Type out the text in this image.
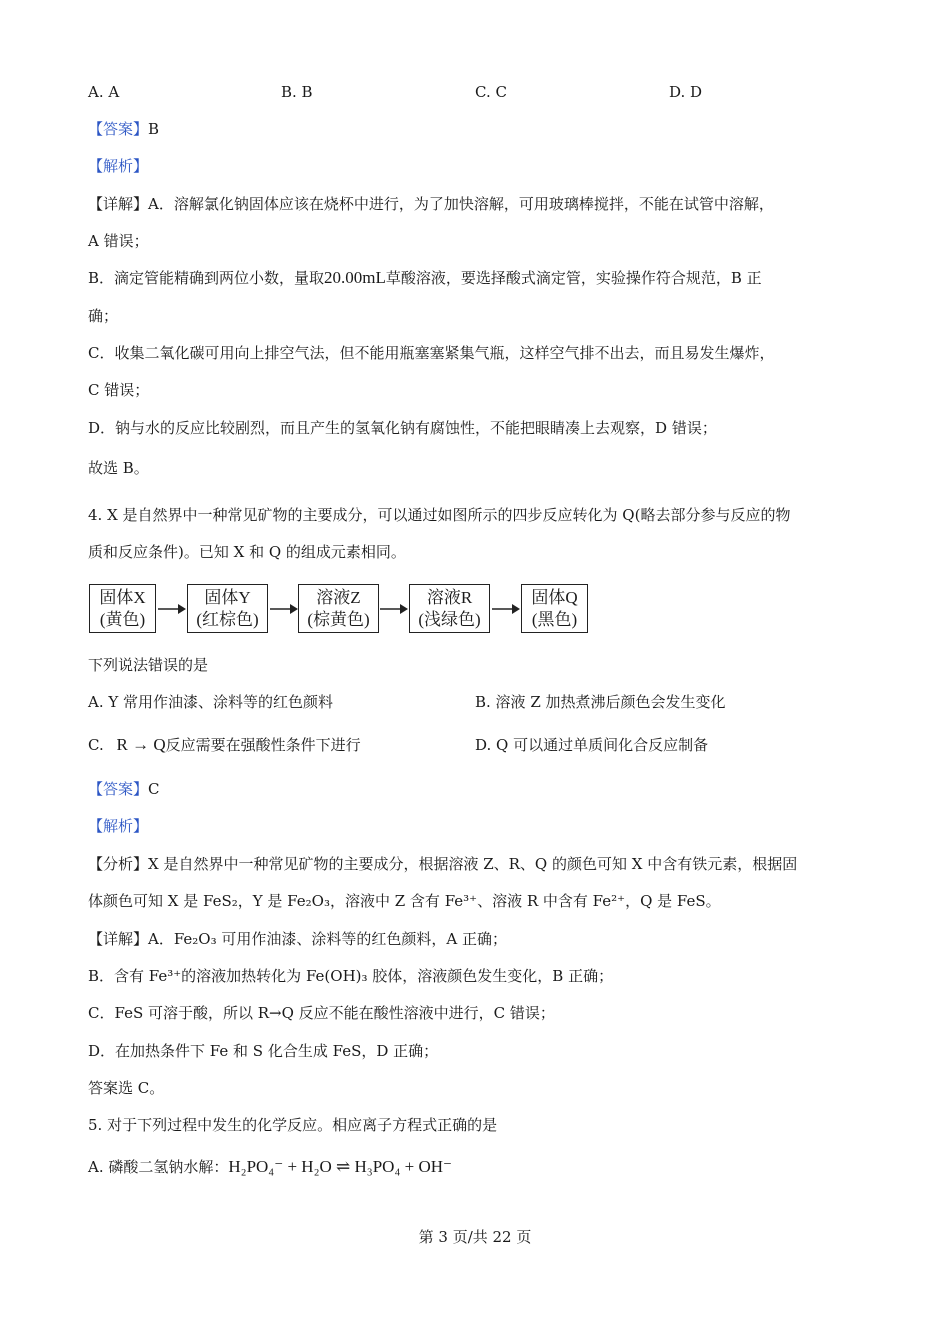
A. A	B. B	C. C	D. D
【答案】B
【解析】
【详解】A．溶解氯化钠固体应该在烧杯中进行，为了加快溶解，可用玻璃棒搅拌，不能在试管中溶解，
A 错误；
B．滴定管能精确到两位小数，量取20.00mL草酸溶液，要选择酸式滴定管，实验操作符合规范，B 正
确；
C．收集二氧化碳可用向上排空气法，但不能用瓶塞塞紧集气瓶，这样空气排不出去，而且易发生爆炸，
C 错误；
D．钠与水的反应比较剧烈，而且产生的氢氧化钠有腐蚀性，不能把眼睛凑上去观察，D 错误；
故选 B。
4. X 是自然界中一种常见矿物的主要成分，可以通过如图所示的四步反应转化为 Q(略去部分参与反应的物
质和反应条件)。已知 X 和 Q 的组成元素相同。
固体X
(黄色)
固体Y
(红棕色)
溶液Z
(棕黄色)
溶液R
(浅绿色)
固体Q
(黑色)
下列说法错误的是
A. Y 常用作油漆、涂料等的红色颜料	B. 溶液 Z 加热煮沸后颜色会发生变化
C. R → Q反应需要在强酸性条件下进行	D. Q 可以通过单质间化合反应制备
【答案】C
【解析】
【分析】X 是自然界中一种常见矿物的主要成分，根据溶液 Z、R、Q 的颜色可知 X 中含有铁元素，根据固
体颜色可知 X 是 FeS₂，Y 是 Fe₂O₃，溶液中 Z 含有 Fe³⁺、溶液 R 中含有 Fe²⁺，Q 是 FeS。
【详解】A．Fe₂O₃ 可用作油漆、涂料等的红色颜料，A 正确；
B．含有 Fe³⁺的溶液加热转化为 Fe(OH)₃ 胶体，溶液颜色发生变化，B 正确；
C．FeS 可溶于酸，所以 R→Q 反应不能在酸性溶液中进行，C 错误；
D．在加热条件下 Fe 和 S 化合生成 FeS，D 正确；
答案选 C。
5. 对于下列过程中发生的化学反应。相应离子方程式正确的是
A. 磷酸二氢钠水解：H₂PO₄⁻ + H₂O ⇌ H₃PO₄ + OH⁻
第 3 页/共 22 页
